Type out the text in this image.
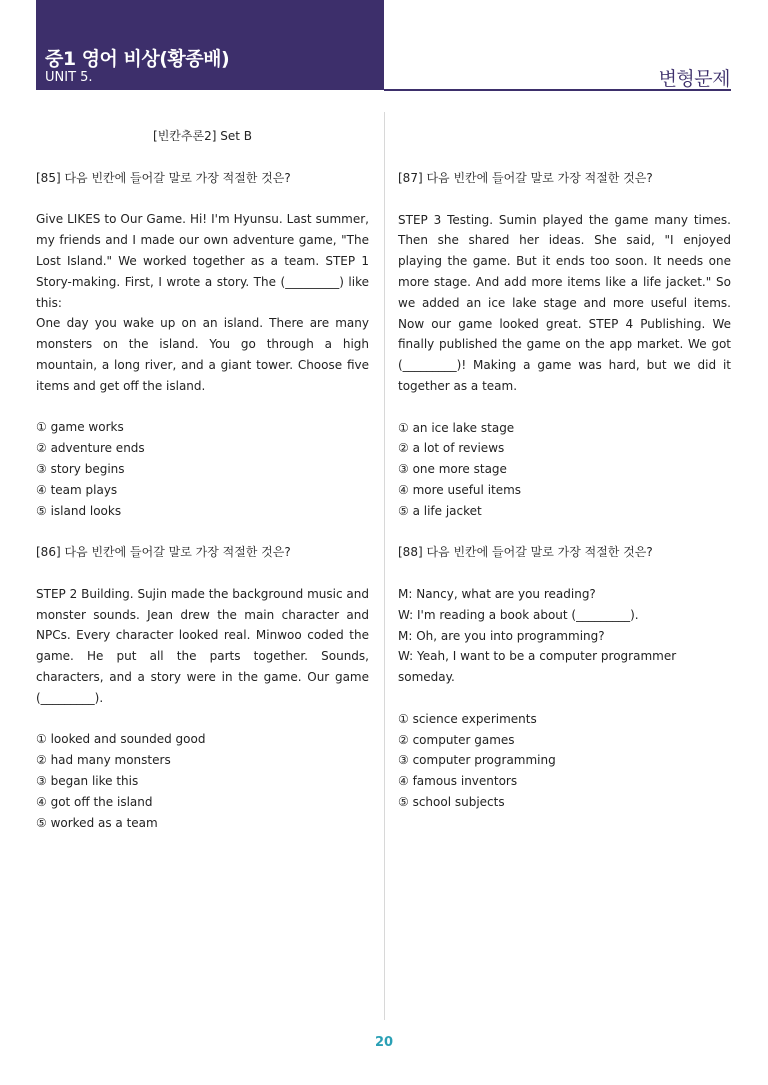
중1 영어 비상(황종배)
UNIT 5.	변형문제
[빈칸추론2] Set B

[85] 다음 빈칸에 들어갈 말로 가장 적절한 것은?

Give LIKES to Our Game. Hi! I'm Hyunsu. Last summer, my friends and I made our own adventure game, "The Lost Island." We worked together as a team. STEP 1 Story-making. First, I wrote a story. The (_________) like this:

One day you wake up on an island. There are many monsters on the island. You go through a high mountain, a long river, and a giant tower. Choose five items and get off the island.

① game works

② adventure ends

③ story begins

④ team plays

⑤ island looks

[86] 다음 빈칸에 들어갈 말로 가장 적절한 것은?

STEP 2 Building. Sujin made the background music and monster sounds. Jean drew the main character and NPCs. Every character looked real. Minwoo coded the game. He put all the parts together. Sounds, characters, and a story were in the game. Our game (_________).

① looked and sounded good

② had many monsters

③ began like this

④ got off the island

⑤ worked as a team

[87] 다음 빈칸에 들어갈 말로 가장 적절한 것은?

STEP 3 Testing. Sumin played the game many times. Then she shared her ideas. She said, "I enjoyed playing the game. But it ends too soon. It needs one more stage. And add more items like a life jacket." So we added an ice lake stage and more useful items. Now our game looked great. STEP 4 Publishing. We finally published the game on the app market. We got (_________)! Making a game was hard, but we did it together as a team.

① an ice lake stage

② a lot of reviews

③ one more stage

④ more useful items

⑤ a life jacket

[88] 다음 빈칸에 들어갈 말로 가장 적절한 것은?

M: Nancy, what are you reading?

W: I'm reading a book about (_________).

M: Oh, are you into programming?

W: Yeah, I want to be a computer programmer someday.

① science experiments

② computer games

③ computer programming

④ famous inventors

⑤ school subjects

20
